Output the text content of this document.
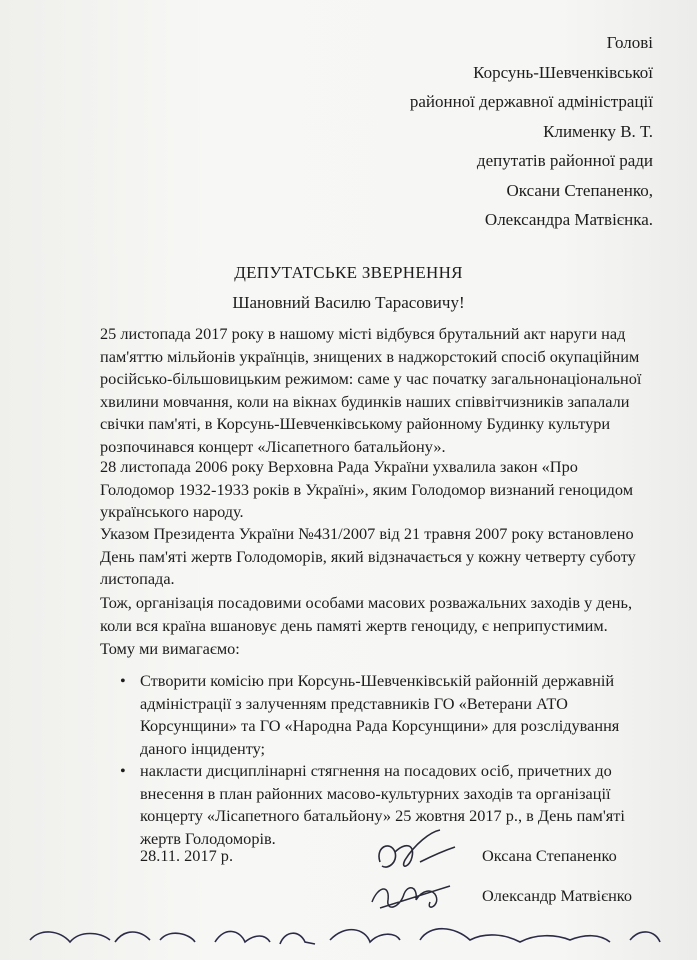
Голові
Корсунь-Шевченківської
районної державної адміністрації
Клименку В. Т.
депутатів районної ради
Оксани Степаненко,
Олександра Матвієнка.
ДЕПУТАТСЬКЕ ЗВЕРНЕННЯ
Шановний Василю Тарасовичу!
25 листопада 2017 року в нашому місті відбувся брутальний акт наруги над
пам'яттю мільйонів українців, знищених в наджорстокий спосіб окупаційним
російсько-більшовицьким режимом: саме у час початку загальнонаціональної
хвилини мовчання, коли на вікнах будинків наших співвітчизників запалали
свічки пам'яті, в Корсунь-Шевченківському районному Будинку культури
розпочинався концерт «Лісапетного батальйону».
28 листопада 2006 року Верховна Рада України ухвалила закон «Про
Голодомор 1932-1933 років в Україні», яким Голодомор визнаний геноцидом
українського народу.
Указом Президента України №431/2007 від 21 травня 2007 року встановлено
День пам'яті жертв Голодоморів, який відзначається у кожну четверту суботу
листопада.
Тож, організація посадовими особами масових розважальних заходів у день,
коли вся країна вшановує день памяті жертв геноциду, є неприпустимим.
Тому ми вимагаємо:
• Створити комісію при Корсунь-Шевченківській районній державній
адміністрації з залученням представників ГО «Ветерани АТО
Корсунщини» та ГО «Народна Рада Корсунщини» для розслідування
даного інциденту;
• накласти дисциплінарні стягнення на посадових осіб, причетних до
внесення в план районних масово-культурних заходів та організації
концерту «Лісапетного батальйону» 25 жовтня 2017 р., в День пам'яті
жертв Голодоморів.
28.11. 2017 р.	Оксана Степаненко
Олександр Матвієнко
